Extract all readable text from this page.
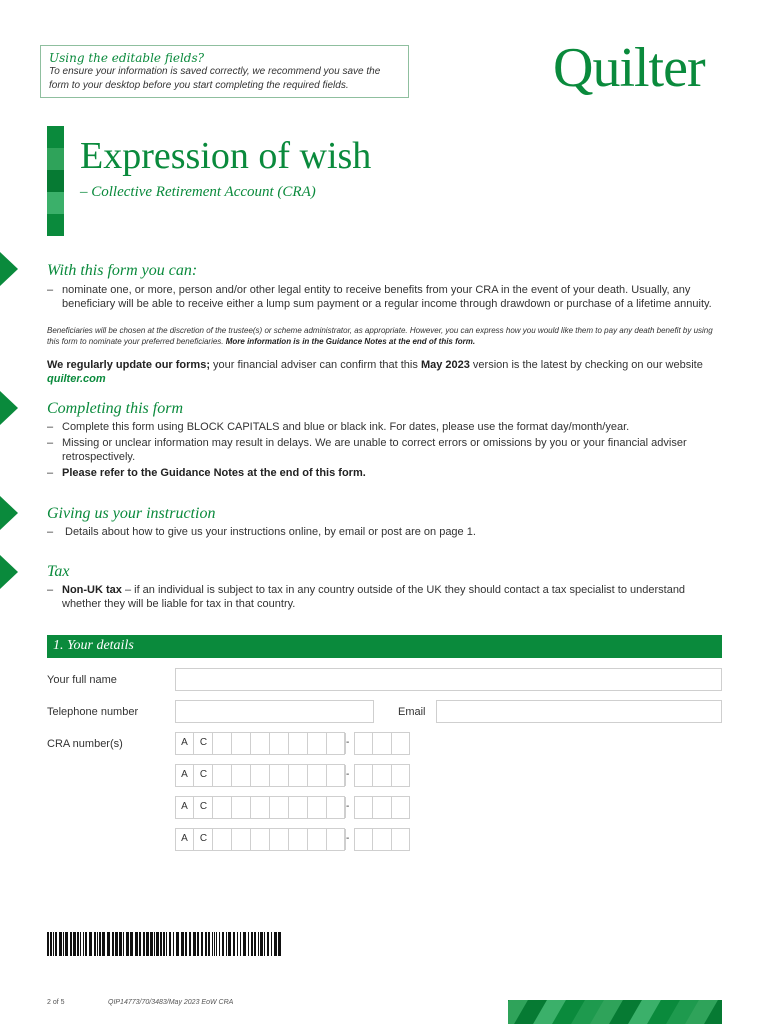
Using the editable fields?
To ensure your information is saved correctly, we recommend you save the form to your desktop before you start completing the required fields.	Quilter
Expression of wish
– Collective Retirement Account (CRA)
With this form you can:
– nominate one, or more, person and/or other legal entity to receive benefits from your CRA in the event of your death. Usually, any beneficiary will be able to receive either a lump sum payment or a regular income through drawdown or purchase of a lifetime annuity.
Beneficiaries will be chosen at the discretion of the trustee(s) or scheme administrator, as appropriate. However, you can express how you would like them to pay any death benefit by using this form to nominate your preferred beneficiaries. More information is in the Guidance Notes at the end of this form.
We regularly update our forms; your financial adviser can confirm that this May 2023 version is the latest by checking on our website quilter.com
Completing this form
– Complete this form using BLOCK CAPITALS and blue or black ink. For dates, please use the format day/month/year.
– Missing or unclear information may result in delays. We are unable to correct errors or omissions by you or your financial adviser retrospectively.
– Please refer to the Guidance Notes at the end of this form.
Giving us your instruction
– Details about how to give us your instructions online, by email or post are on page 1.
Tax
– Non-UK tax – if an individual is subject to tax in any country outside of the UK they should contact a tax specialist to understand whether they will be liable for tax in that country.
1. Your details
Your full name
Telephone number	Email
CRA number(s)	A	C	-
A	C	-
A	C	-
A	C	-
2 of 5	QIP14773/70/3483/May 2023 EoW CRA
